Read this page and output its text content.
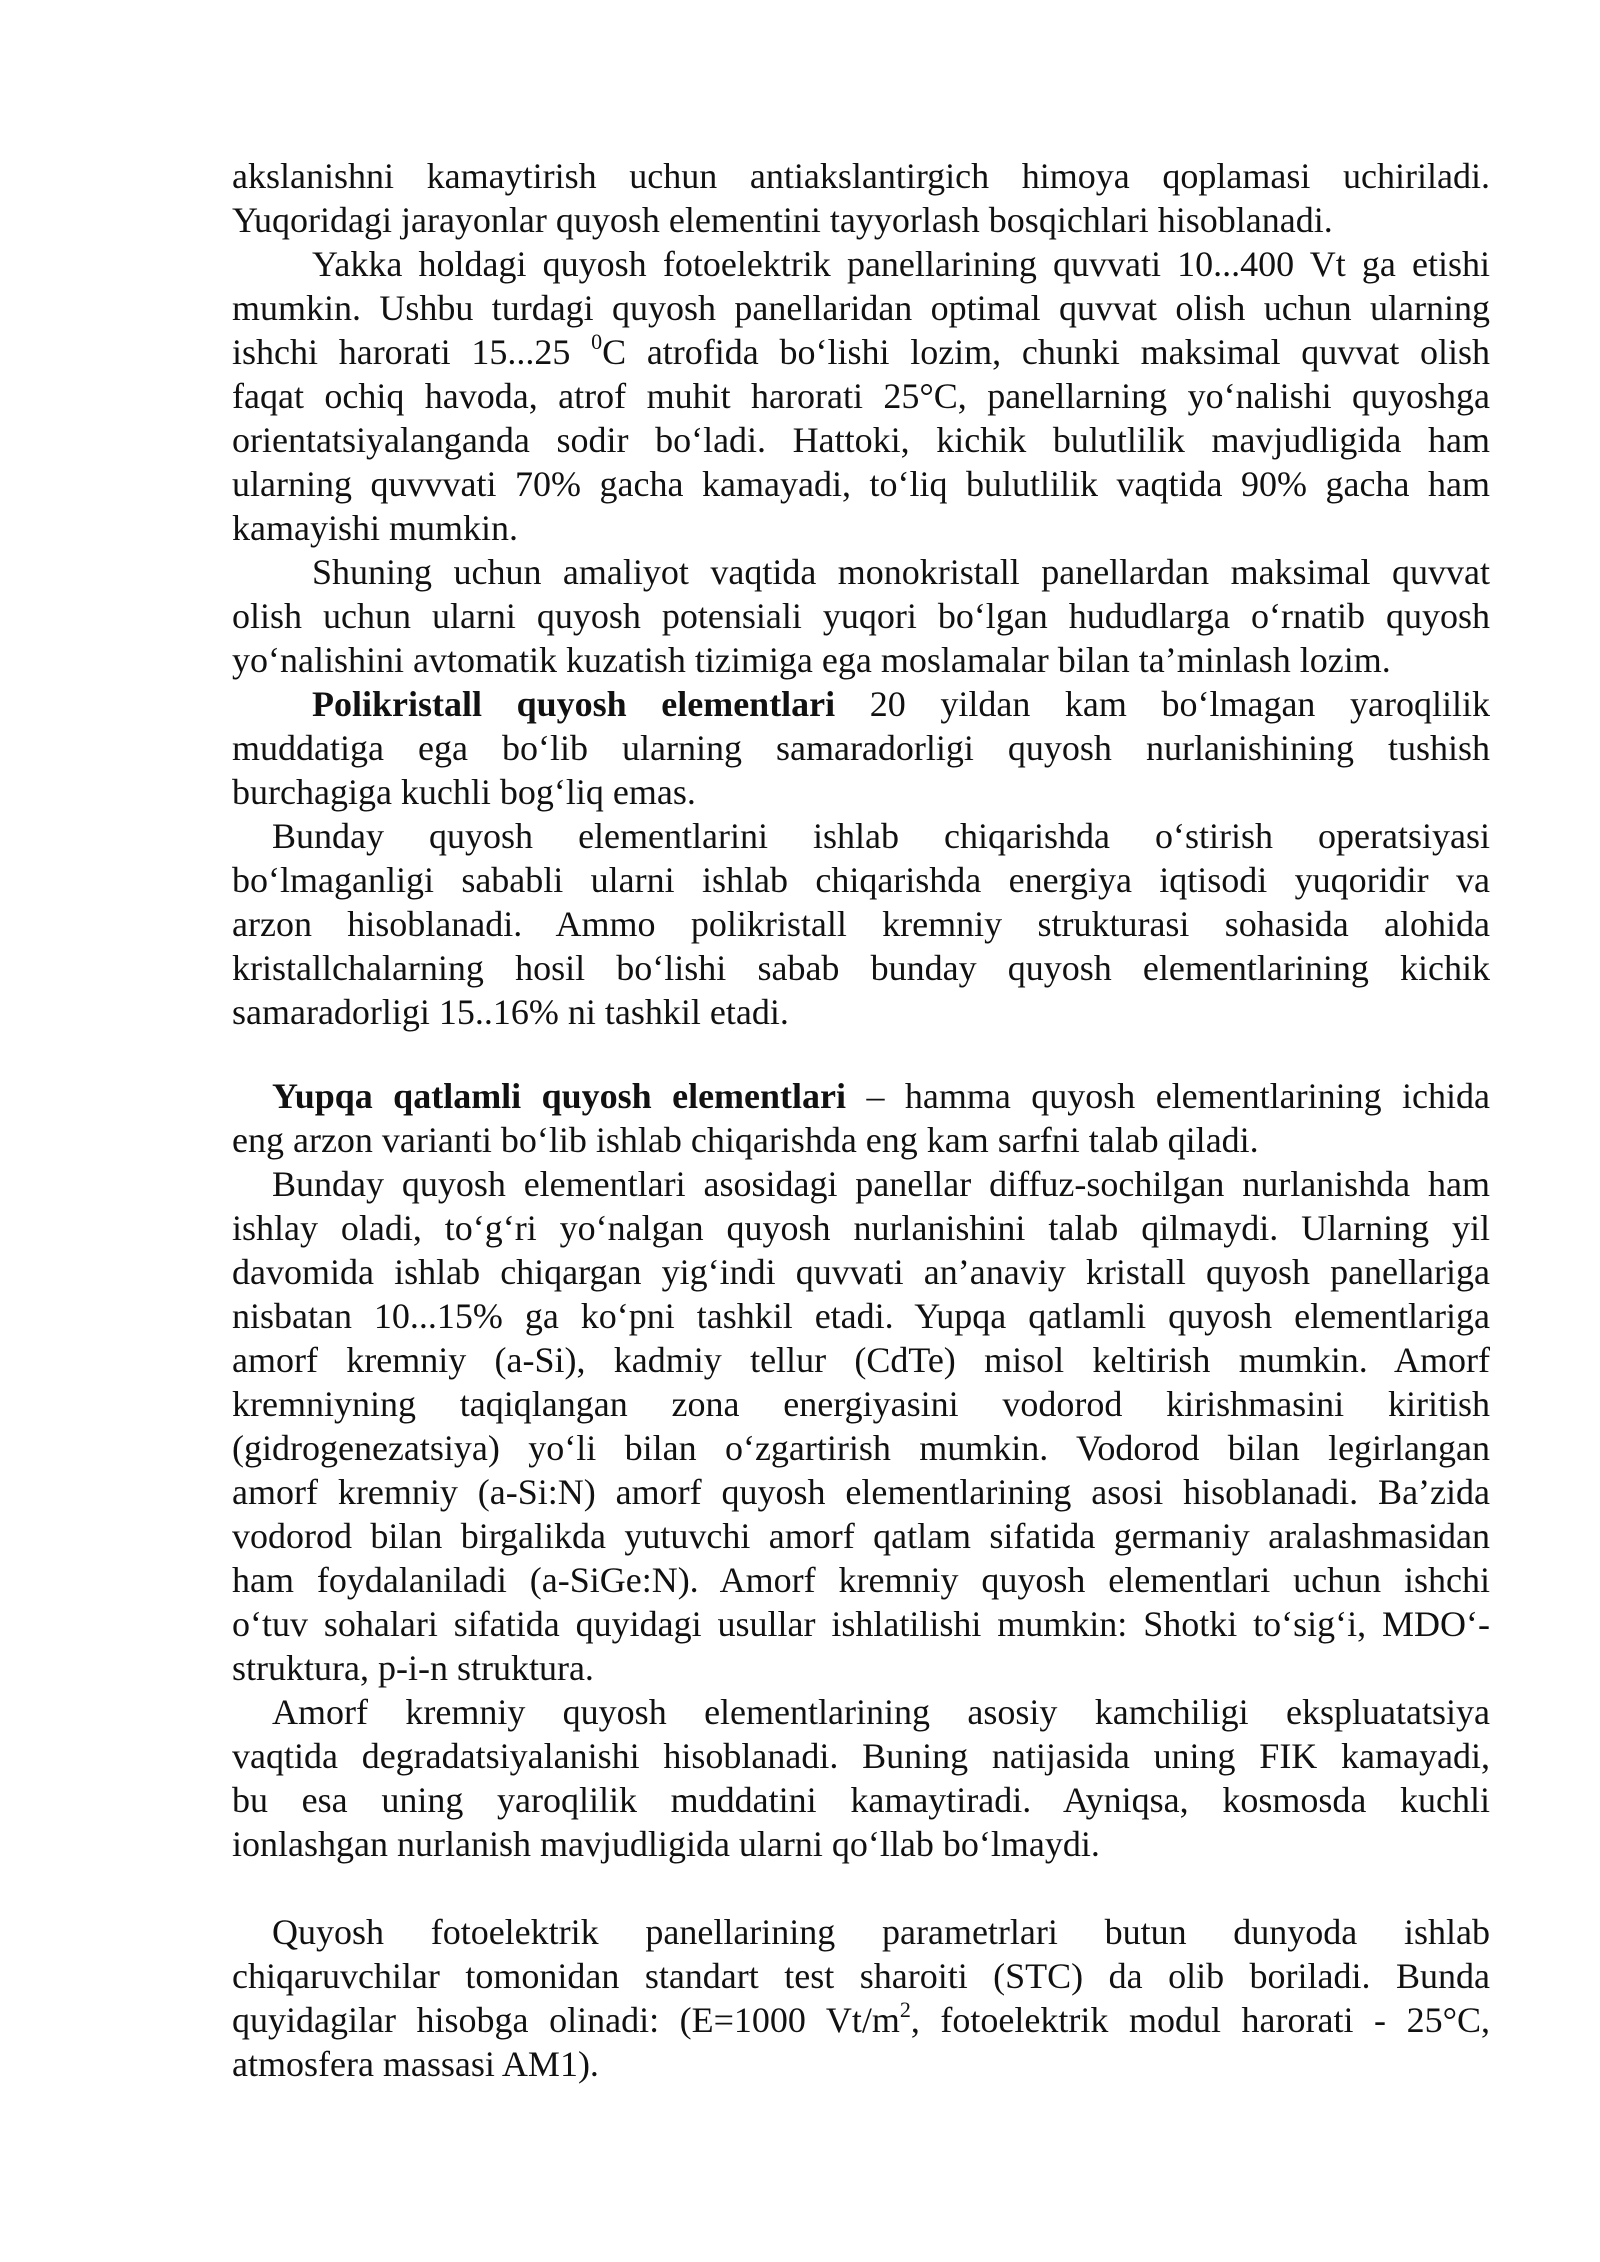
akslanishni kamaytirish uchun antiakslantirgich himoya qoplamasi uchiriladi.
Yuqoridagi jarayonlar quyosh elementini tayyorlash bosqichlari hisoblanadi.
Yakka holdagi quyosh fotoelektrik panellarining quvvati 10...400 Vt ga etishi
mumkin. Ushbu turdagi quyosh panellaridan optimal quvvat olish uchun ularning
ishchi harorati 15...25 $^0$C atrofida bo‘lishi lozim, chunki maksimal quvvat olish
faqat ochiq havoda, atrof muhit harorati 25°C, panellarning yo‘nalishi quyoshga
orientatsiyalanganda sodir bo‘ladi. Hattoki, kichik bulutlilik mavjudligida ham
ularning quvvvati 70% gacha kamayadi, to‘liq bulutlilik vaqtida 90% gacha ham
kamayishi mumkin.
Shuning uchun amaliyot vaqtida monokristall panellardan maksimal quvvat
olish uchun ularni quyosh potensiali yuqori bo‘lgan hududlarga o‘rnatib quyosh
yo‘nalishini avtomatik kuzatish tizimiga ega moslamalar bilan ta’minlash lozim.
Polikristall quyosh elementlari 20 yildan kam bo‘lmagan yaroqlilik
muddatiga ega bo‘lib ularning samaradorligi quyosh nurlanishining tushish
burchagiga kuchli bog‘liq emas.
Bunday quyosh elementlarini ishlab chiqarishda o‘stirish operatsiyasi
bo‘lmaganligi sababli ularni ishlab chiqarishda energiya iqtisodi yuqoridir va
arzon hisoblanadi. Ammo polikristall kremniy strukturasi sohasida alohida
kristallchalarning hosil bo‘lishi sabab bunday quyosh elementlarining kichik
samaradorligi 15..16% ni tashkil etadi.
Yupqa qatlamli quyosh elementlari – hamma quyosh elementlarining ichida
eng arzon varianti bo‘lib ishlab chiqarishda eng kam sarfni talab qiladi.
Bunday quyosh elementlari asosidagi panellar diffuz-sochilgan nurlanishda ham
ishlay oladi, to‘g‘ri yo‘nalgan quyosh nurlanishini talab qilmaydi. Ularning yil
davomida ishlab chiqargan yig‘indi quvvati an’anaviy kristall quyosh panellariga
nisbatan 10...15% ga ko‘pni tashkil etadi. Yupqa qatlamli quyosh elementlariga
amorf kremniy (a-Si), kadmiy tellur (CdTe) misol keltirish mumkin. Amorf
kremniyning taqiqlangan zona energiyasini vodorod kirishmasini kiritish
(gidrogenezatsiya) yo‘li bilan o‘zgartirish mumkin. Vodorod bilan legirlangan
amorf kremniy (a-Si:N) amorf quyosh elementlarining asosi hisoblanadi. Ba’zida
vodorod bilan birgalikda yutuvchi amorf qatlam sifatida germaniy aralashmasidan
ham foydalaniladi (a-SiGe:N). Amorf kremniy quyosh elementlari uchun ishchi
o‘tuv sohalari sifatida quyidagi usullar ishlatilishi mumkin: Shotki to‘sig‘i, MDO‘-
struktura, p-i-n struktura.
Amorf kremniy quyosh elementlarining asosiy kamchiligi ekspluatatsiya
vaqtida degradatsiyalanishi hisoblanadi. Buning natijasida uning FIK kamayadi,
bu esa uning yaroqlilik muddatini kamaytiradi. Ayniqsa, kosmosda kuchli
ionlashgan nurlanish mavjudligida ularni qo‘llab bo‘lmaydi.
Quyosh fotoelektrik panellarining parametrlari butun dunyoda ishlab
chiqaruvchilar tomonidan standart test sharoiti (STC) da olib boriladi. Bunda
quyidagilar hisobga olinadi: (E=1000 $Vt/m^2$, fotoelektrik modul harorati - 25°C,
atmosfera massasi AM1).
